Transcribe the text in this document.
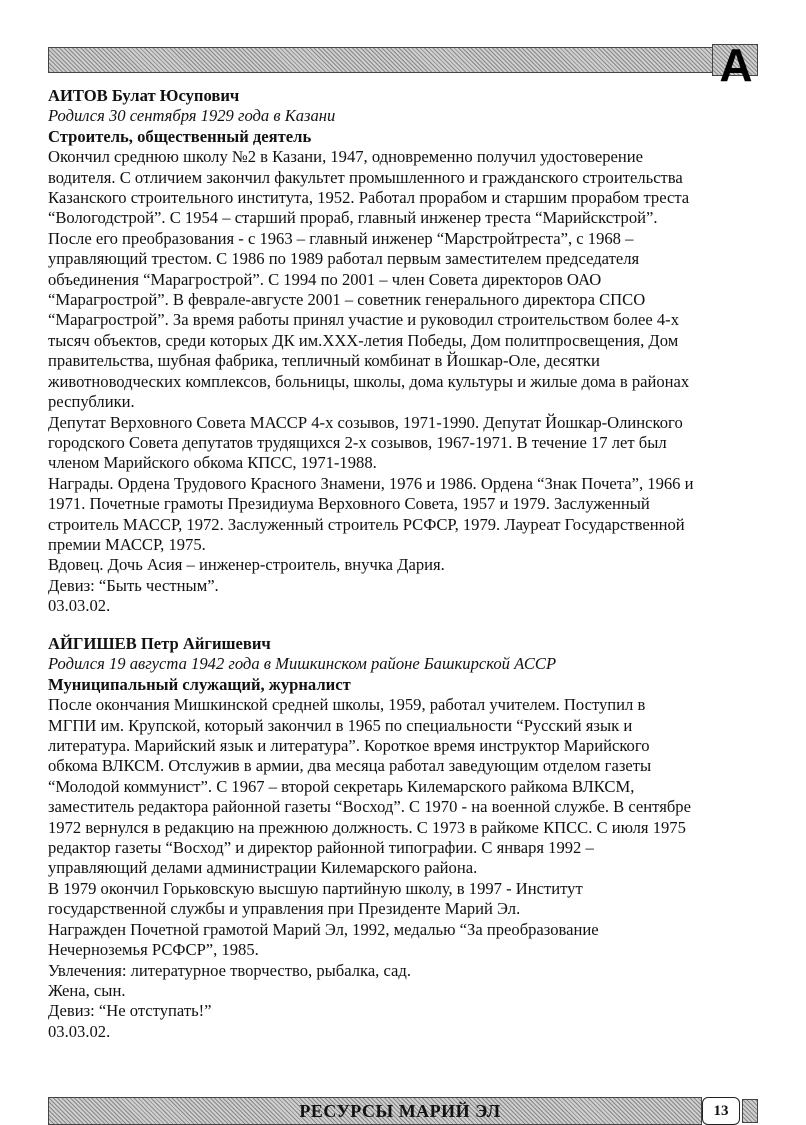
А

АИТОВ Булат Юсупович

Родился 30 сентября 1929 года в Казани

Строитель, общественный деятель

Окончил среднюю школу №2 в Казани, 1947, одновременно получил удостоверение
водителя. С отличием закончил факультет промышленного и гражданского строительства
Казанского строительного института, 1952. Работал прорабом и старшим прорабом треста
“Вологодстрой”. С 1954 – старший прораб, главный инженер треста “Марийскстрой”.
После его преобразования - с 1963 – главный инженер “Марстройтреста”, с 1968 –
управляющий трестом. С 1986 по 1989 работал первым заместителем председателя
объединения “Марагрострой”. С 1994 по 2001 – член Совета директоров ОАО
“Марагрострой”. В феврале-августе 2001 – советник генерального директора СПСО
“Марагрострой”. За время работы принял участие и руководил строительством более 4-х
тысяч объектов, среди которых ДК им.XXX-летия Победы, Дом политпросвещения, Дом
правительства, шубная фабрика, тепличный комбинат в Йошкар-Оле, десятки
животноводческих комплексов, больницы, школы, дома культуры и жилые дома в районах
республики.

Депутат Верховного Совета МАССР 4-х созывов, 1971-1990. Депутат Йошкар-Олинского
городского Совета депутатов трудящихся 2-х созывов, 1967-1971. В течение 17 лет был
членом Марийского обкома КПСС, 1971-1988.

Награды. Ордена Трудового Красного Знамени, 1976 и 1986. Ордена “Знак Почета”, 1966 и
1971. Почетные грамоты Президиума Верховного Совета, 1957 и 1979. Заслуженный
строитель МАССР, 1972. Заслуженный строитель РСФСР, 1979. Лауреат Государственной
премии МАССР, 1975.

Вдовец. Дочь Асия – инженер-строитель, внучка Дария.

Девиз: “Быть честным”.

03.03.02.

АЙГИШЕВ Петр Айгишевич

Родился 19 августа 1942 года в Мишкинском районе Башкирской АССР

Муниципальный служащий, журналист

После окончания Мишкинской средней школы, 1959, работал учителем. Поступил в
МГПИ им. Крупской, который закончил в 1965 по специальности “Русский язык и
литература. Марийский язык и литература”. Короткое время инструктор Марийского
обкома ВЛКСМ. Отслужив в армии, два месяца работал заведующим отделом газеты
“Молодой коммунист”. С 1967 – второй секретарь Килемарского райкома ВЛКСМ,
заместитель редактора районной газеты “Восход”. С 1970 - на военной службе. В сентябре
1972 вернулся в редакцию на прежнюю должность. С 1973 в райкоме КПСС. С июля 1975
редактор газеты “Восход” и директор районной типографии. С января 1992 –
управляющий делами администрации Килемарского района.

В 1979 окончил Горьковскую высшую партийную школу, в 1997 - Институт
государственной службы и управления при Президенте Марий Эл.

Награжден Почетной грамотой Марий Эл, 1992, медалью “За преобразование
Нечерноземья РСФСР”, 1985.

Увлечения: литературное творчество, рыбалка, сад.

Жена, сын.

Девиз: “Не отступать!”

03.03.02.

РЕСУРСЫ МАРИЙ ЭЛ	13
